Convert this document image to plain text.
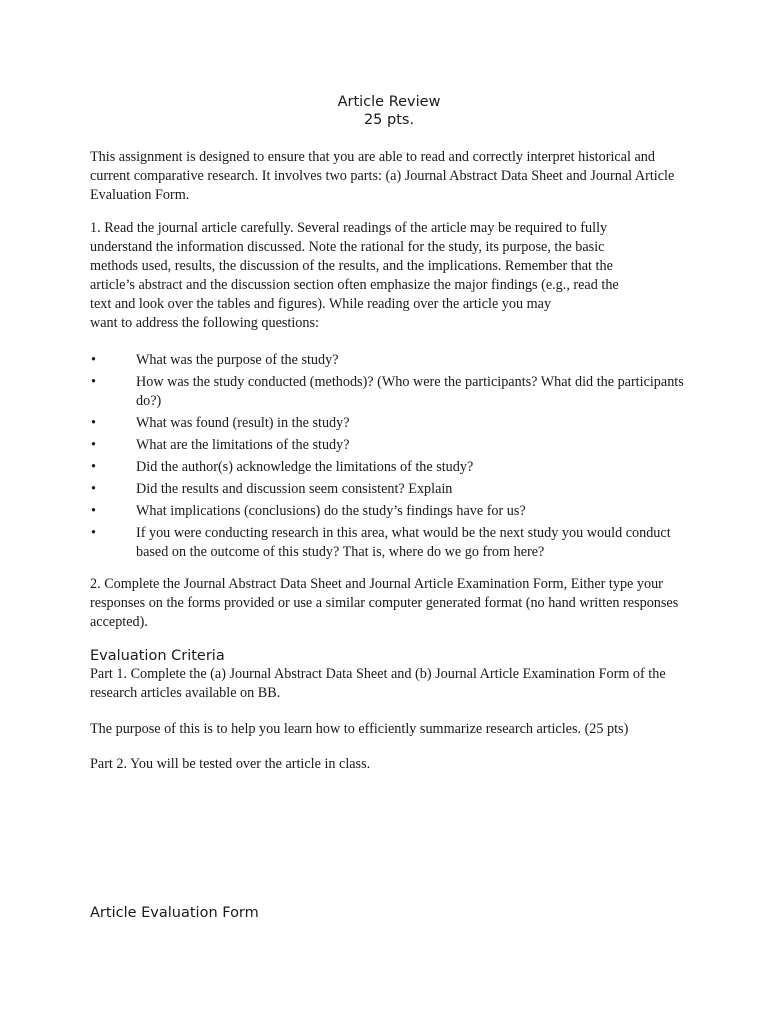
Article Review
25 pts.

This assignment is designed to ensure that you are able to read and correctly interpret historical and current comparative research. It involves two parts: (a) Journal Abstract Data Sheet and Journal Article Evaluation Form.

1. Read the journal article carefully. Several readings of the article may be required to fully
understand the information discussed. Note the rational for the study, its purpose, the basic
methods used, results, the discussion of the results, and the implications. Remember that the
article’s abstract and the discussion section often emphasize the major findings (e.g., read the
text and look over the tables and figures). While reading over the article you may
want to address the following questions:
•	What was the purpose of the study?
•	How was the study conducted (methods)? (Who were the participants? What did the participants do?)
•	What was found (result) in the study?
•	What are the limitations of the study?
•	Did the author(s) acknowledge the limitations of the study?
•	Did the results and discussion seem consistent? Explain
•	What implications (conclusions) do the study’s findings have for us?
•	If you were conducting research in this area, what would be the next study you would conduct based on the outcome of this study? That is, where do we go from here?

2. Complete the Journal Abstract Data Sheet and Journal Article Examination Form, Either type your responses on the forms provided or use a similar computer generated format (no hand written responses accepted).

Evaluation Criteria

Part 1. Complete the (a) Journal Abstract Data Sheet and (b) Journal Article Examination Form of the research articles available on BB.

The purpose of this is to help you learn how to efficiently summarize research articles. (25 pts)

Part 2. You will be tested over the article in class.

Article Evaluation Form
